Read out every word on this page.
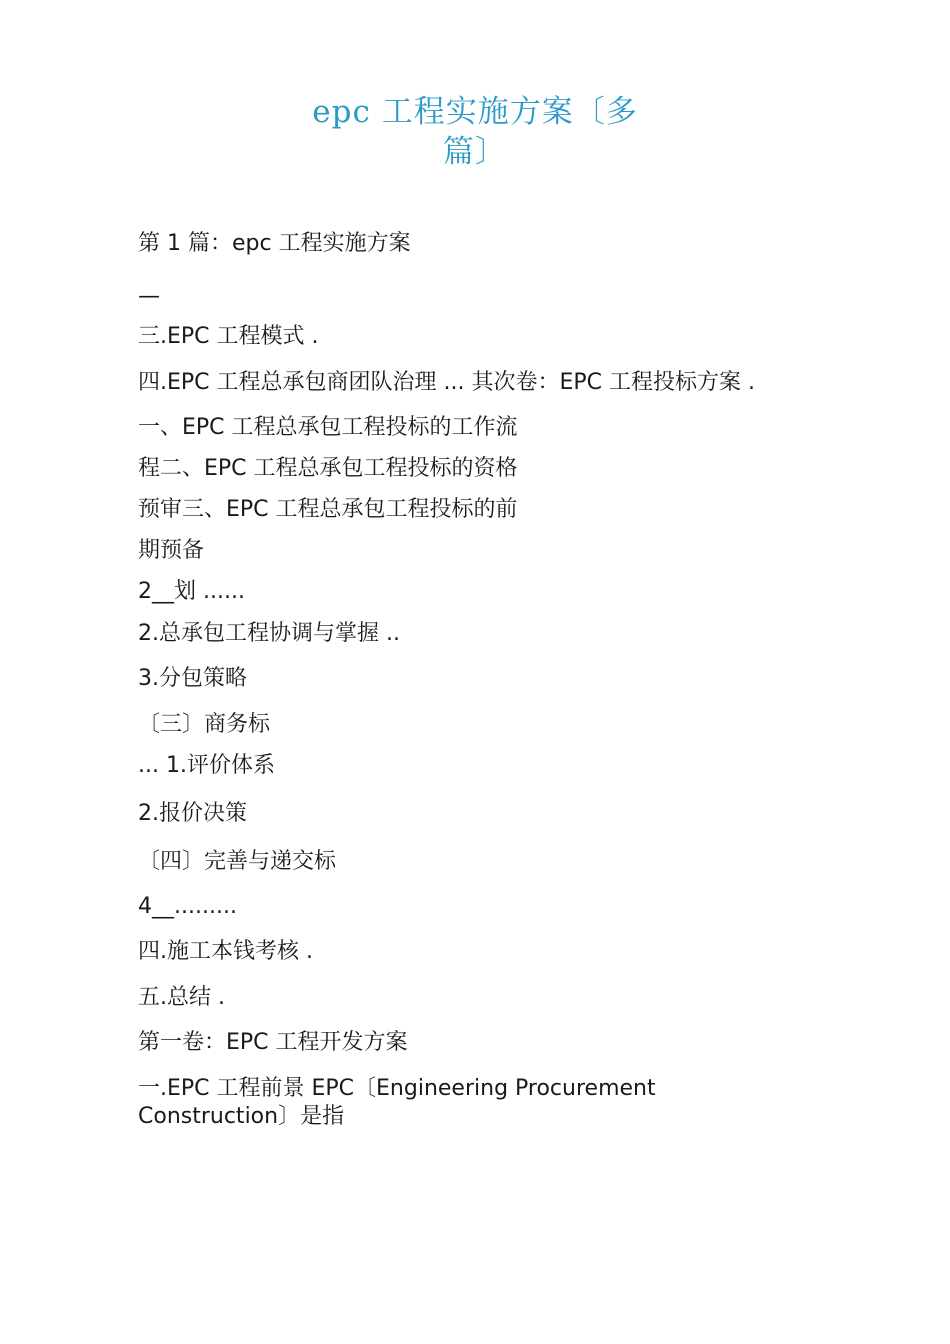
epc 工程实施方案〔多
篇〕
第 1 篇：epc 工程实施方案
—
三.EPC 工程模式 .
四.EPC 工程总承包商团队治理 ... 其次卷：EPC 工程投标方案 .
一、EPC 工程总承包工程投标的工作流
程二、EPC 工程总承包工程投标的资格
预审三、EPC 工程总承包工程投标的前
期预备
2__划 ......
2.总承包工程协调与掌握 ..
3.分包策略
〔三〕商务标
... 1.评价体系
2.报价决策
〔四〕完善与递交标
4__.........
四.施工本钱考核 .
五.总结 .
第一卷：EPC 工程开发方案
一.EPC 工程前景 EPC〔Engineering Procurement Construction〕是指
